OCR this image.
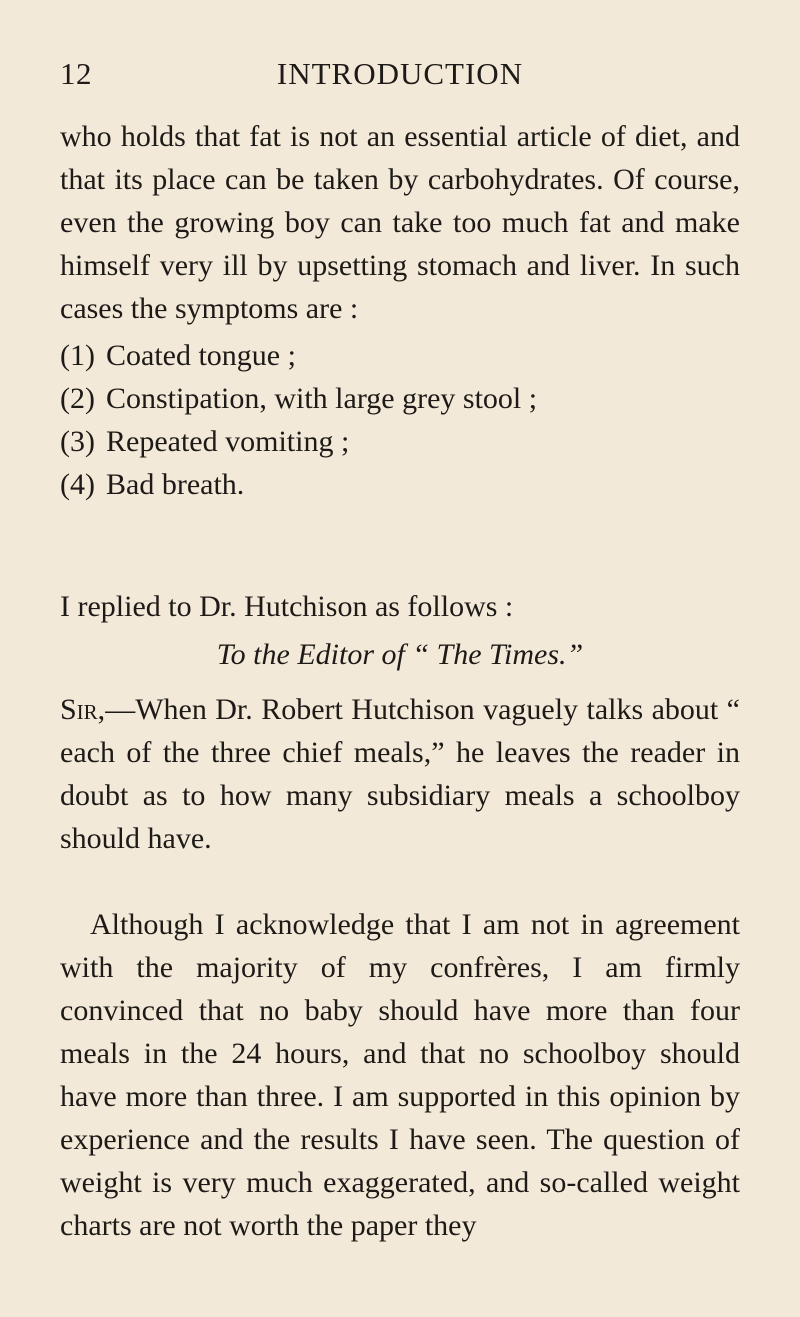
12	INTRODUCTION

who holds that fat is not an essential article of diet, and that its place can be taken by carbohydrates. Of course, even the growing boy can take too much fat and make himself very ill by upsetting stomach and liver. In such cases the symptoms are :

(1) Coated tongue ;
(2) Constipation, with large grey stool ;
(3) Repeated vomiting ;
(4) Bad breath.

I replied to Dr. Hutchison as follows :

To the Editor of “ The Times.”

Sir,—When Dr. Robert Hutchison vaguely talks about “ each of the three chief meals,” he leaves the reader in doubt as to how many subsidiary meals a schoolboy should have.

Although I acknowledge that I am not in agreement with the majority of my confrères, I am firmly convinced that no baby should have more than four meals in the 24 hours, and that no schoolboy should have more than three. I am supported in this opinion by experience and the results I have seen. The question of weight is very much exaggerated, and so-called weight charts are not worth the paper they
